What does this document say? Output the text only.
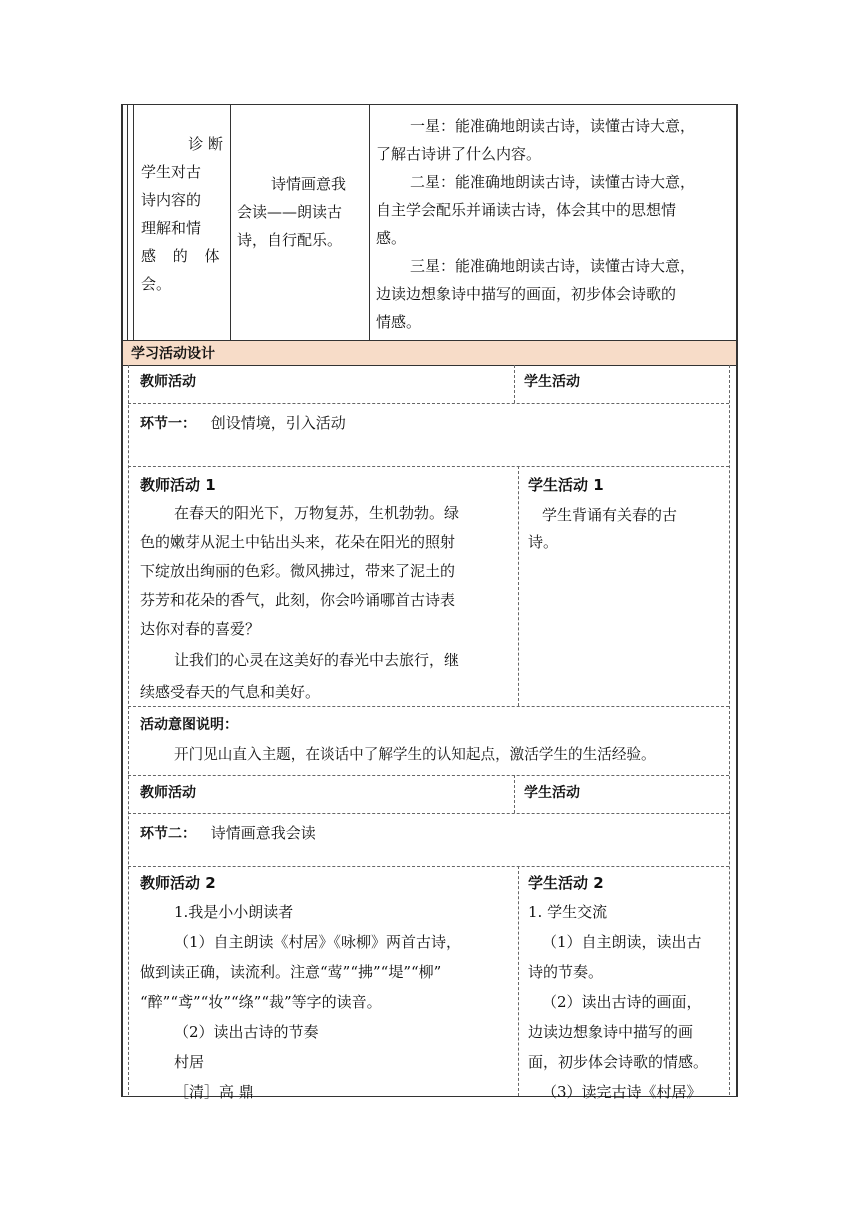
诊 断

学生对古

诗内容的

理解和情

感 的 体

会。

诗情画意我

会读——朗读古

诗，自行配乐。

一星：能准确地朗读古诗，读懂古诗大意，

了解古诗讲了什么内容。

二星：能准确地朗读古诗，读懂古诗大意，

自主学会配乐并诵读古诗，体会其中的思想情

感。

三星：能准确地朗读古诗，读懂古诗大意，

边读边想象诗中描写的画面，初步体会诗歌的

情感。

学习活动设计
教师活动	学生活动
环节一： 创设情境，引入活动

教师活动 1

在春天的阳光下，万物复苏，生机勃勃。绿

色的嫩芽从泥土中钻出头来，花朵在阳光的照射

下绽放出绚丽的色彩。微风拂过，带来了泥土的

芬芳和花朵的香气，此刻，你会吟诵哪首古诗表

达你对春的喜爱？

让我们的心灵在这美好的春光中去旅行，继

续感受春天的气息和美好。

学生活动 1

学生背诵有关春的古

诗。

活动意图说明：

开门见山直入主题，在谈话中了解学生的认知起点，激活学生的生活经验。

教师活动	学生活动
环节二： 诗情画意我会读

教师活动 2

1.我是小小朗读者

（1）自主朗读《村居》《咏柳》两首古诗，

做到读正确，读流利。注意“莺”“拂”“堤”“柳”

“醉”“鸢”“妆”“绦”“裁”等字的读音。

（2）读出古诗的节奏

村居

［清］高 鼎

学生活动 2

1. 学生交流

（1）自主朗读，读出古

诗的节奏。

（2）读出古诗的画面，

边读边想象诗中描写的画

面，初步体会诗歌的情感。

（3）读完古诗《村居》
